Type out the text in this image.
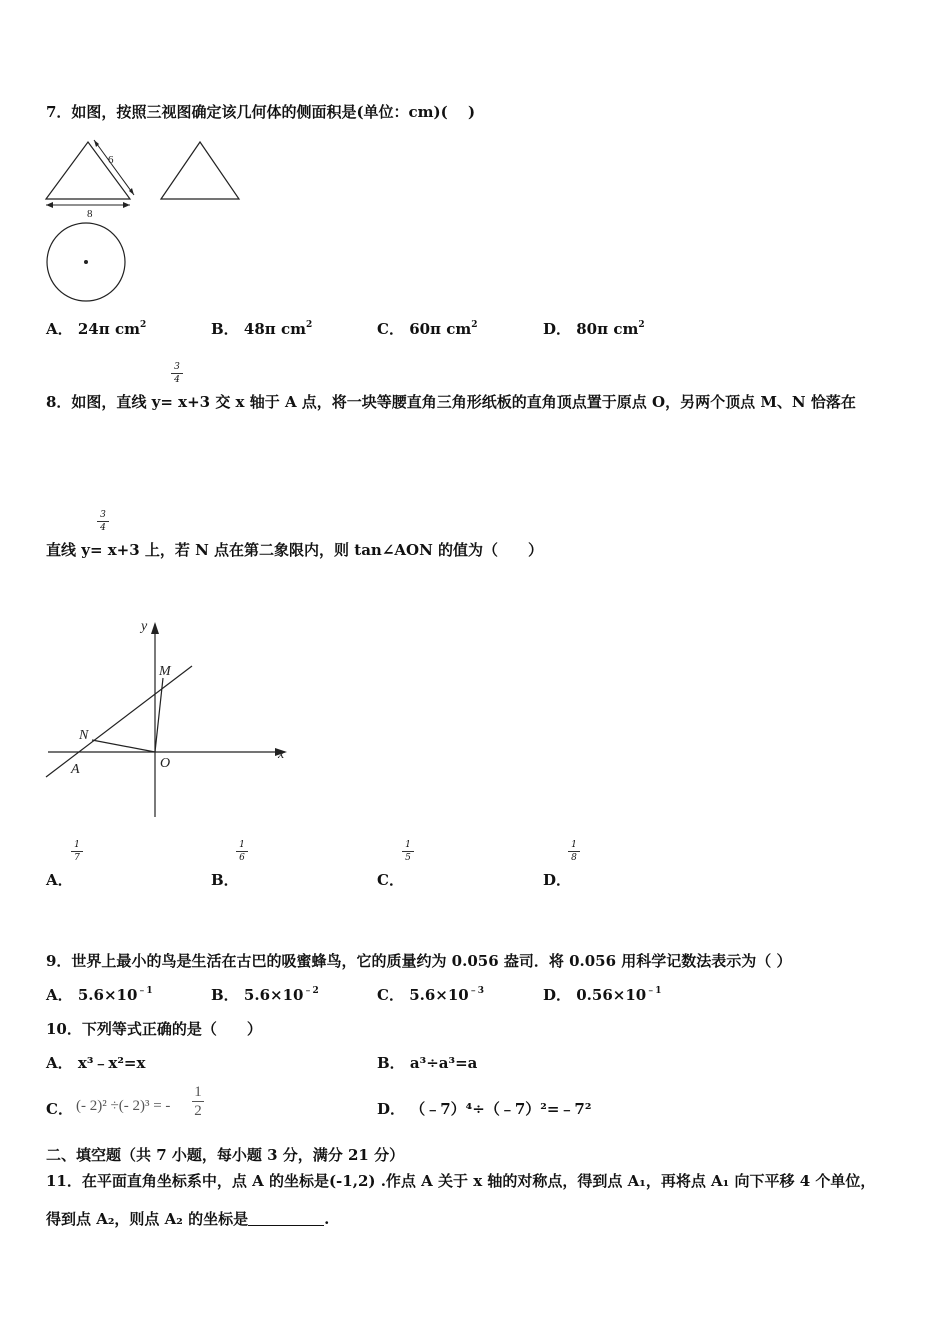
7．如图，按照三视图确定该几何体的侧面积是(单位：cm)(　 )
6
8
A． 24π $cm^2$	B． 48π $cm^2$	C． 60π $cm^2$	D． 80π $cm^2$
3
4
8．如图，直线 y= x+3 交 x 轴于 A 点，将一块等腰直角三角形纸板的直角顶点置于原点 O，另两个顶点 M、N 恰落在
3
4
直线 y= x+3 上，若 N 点在第二象限内，则 tan∠AON 的值为（　　）
y
x
M
N
A	O
A．
1
7
B．
1
6
C．
1
5
D．
1
8
9．世界上最小的鸟是生活在古巴的吸蜜蜂鸟，它的质量约为 0.056 盎司．将 0.056 用科学记数法表示为（ ）
A． $5.6\times 10^{﹣1}$	B． $5.6\times 10^{﹣2}$	C． $5.6\times 10^{﹣3}$	D． $0.56\times 10^{﹣1}$
10．下列等式正确的是（　　）
A． x³﹣x²=x	B． a³÷a³=a
C． (- 2)² ÷(- 2)³ = -
1
2	D． （﹣7）⁴÷（﹣7）²=﹣7²
二、填空题（共 7 小题，每小题 3 分，满分 21 分）
11．在平面直角坐标系中，点 A 的坐标是(-1,2) .作点 A 关于 x 轴的对称点，得到点 A₁，再将点 A₁ 向下平移 4 个单位，
得到点 A₂，则点 A₂ 的坐标是	.
